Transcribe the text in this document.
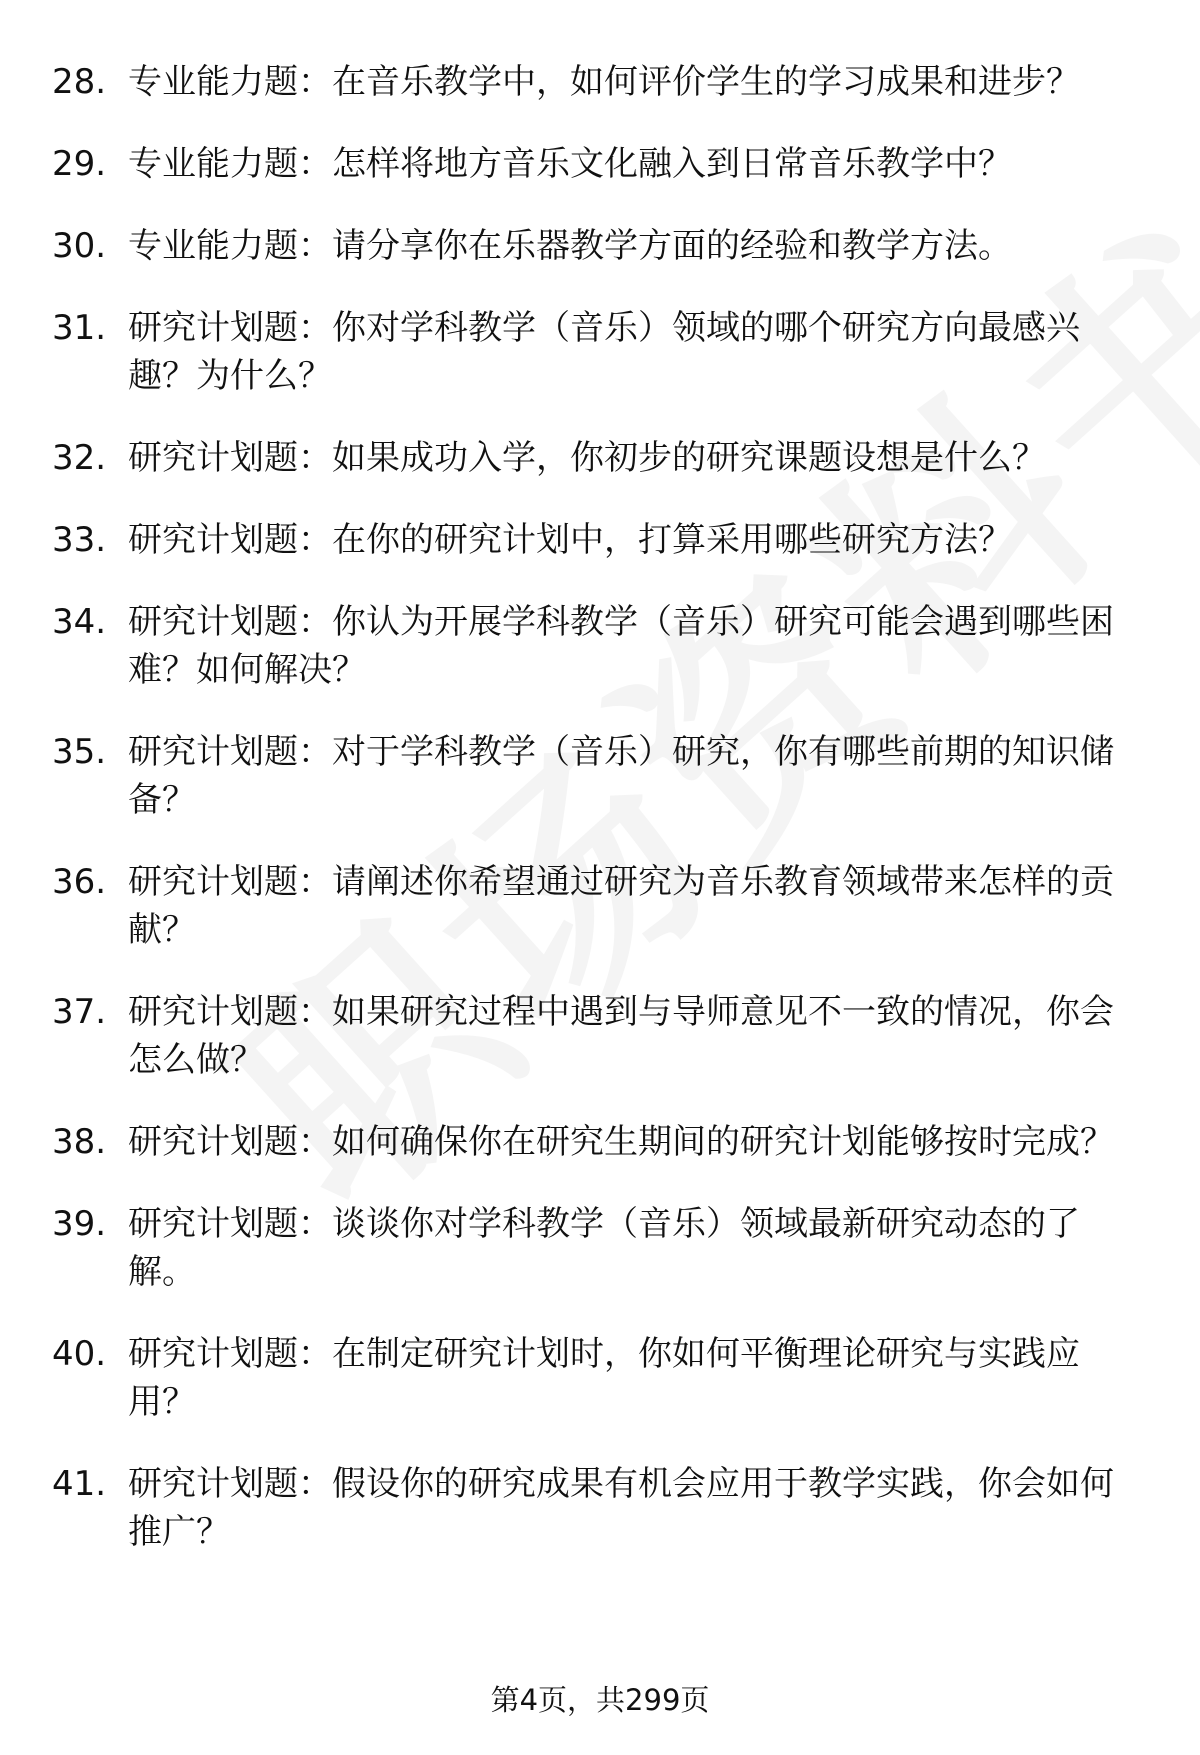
28. 专业能力题：在音乐教学中，如何评价学生的学习成果和进步？
29. 专业能力题：怎样将地方音乐文化融入到日常音乐教学中？
30. 专业能力题：请分享你在乐器教学方面的经验和教学方法。
31. 研究计划题：你对学科教学（音乐）领域的哪个研究方向最感兴趣？为什么？
32. 研究计划题：如果成功入学，你初步的研究课题设想是什么？
33. 研究计划题：在你的研究计划中，打算采用哪些研究方法？
34. 研究计划题：你认为开展学科教学（音乐）研究可能会遇到哪些困难？如何解决？
35. 研究计划题：对于学科教学（音乐）研究，你有哪些前期的知识储备？
36. 研究计划题：请阐述你希望通过研究为音乐教育领域带来怎样的贡献？
37. 研究计划题：如果研究过程中遇到与导师意见不一致的情况，你会怎么做？
38. 研究计划题：如何确保你在研究生期间的研究计划能够按时完成？
39. 研究计划题：谈谈你对学科教学（音乐）领域最新研究动态的了解。
40. 研究计划题：在制定研究计划时，你如何平衡理论研究与实践应用？
41. 研究计划题：假设你的研究成果有机会应用于教学实践，你会如何推广？
第4页，共299页
